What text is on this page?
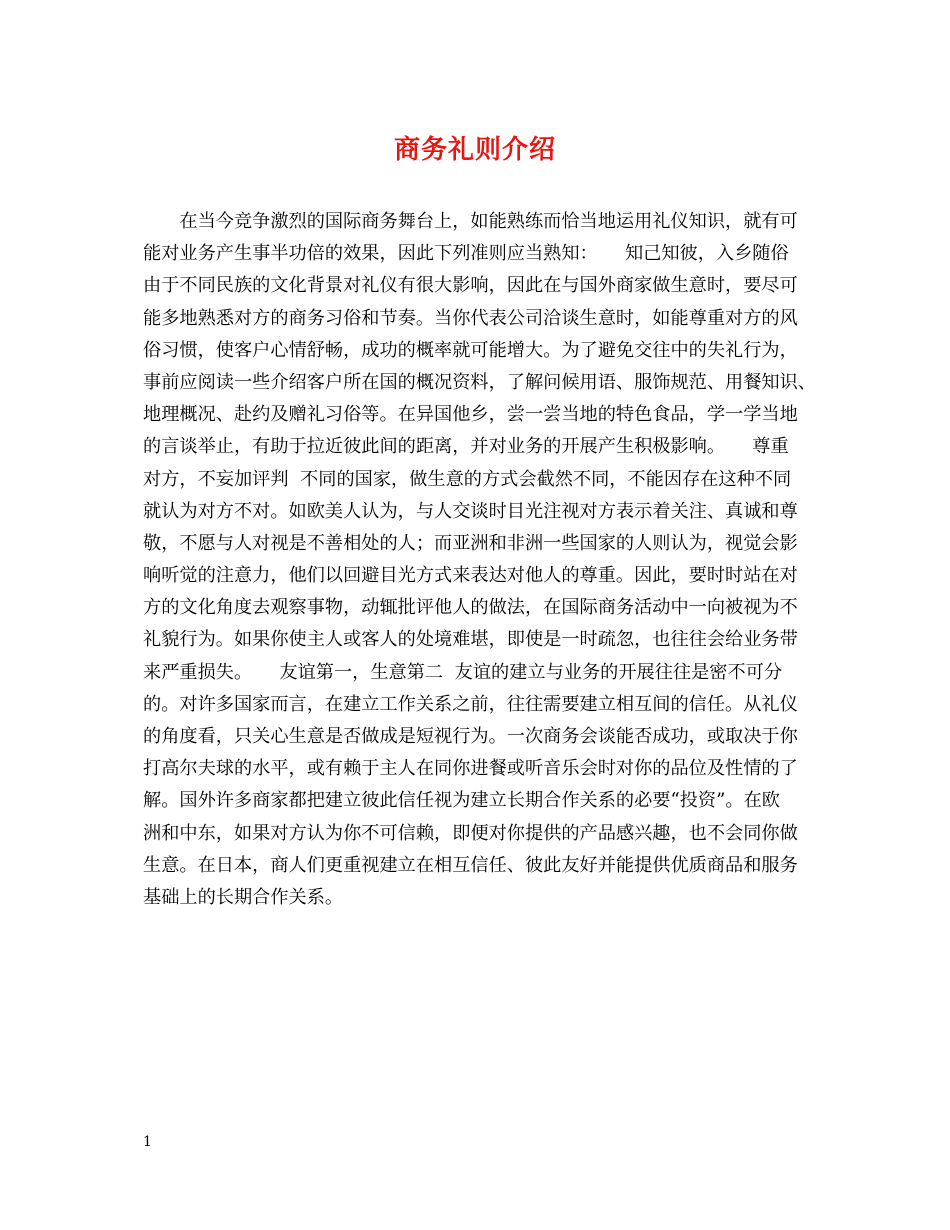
商务礼则介绍
　　在当今竞争激烈的国际商务舞台上，如能熟练而恰当地运用礼仪知识，就有可
能对业务产生事半功倍的效果，因此下列准则应当熟知：　　知己知彼，入乡随俗
由于不同民族的文化背景对礼仪有很大影响，因此在与国外商家做生意时，要尽可
能多地熟悉对方的商务习俗和节奏。当你代表公司洽谈生意时，如能尊重对方的风
俗习惯，使客户心情舒畅，成功的概率就可能增大。为了避免交往中的失礼行为，
事前应阅读一些介绍客户所在国的概况资料，了解问候用语、服饰规范、用餐知识、
地理概况、赴约及赠礼习俗等。在异国他乡，尝一尝当地的特色食品，学一学当地
的言谈举止，有助于拉近彼此间的距离，并对业务的开展产生积极影响。　　尊重
对方，不妄加评判  不同的国家，做生意的方式会截然不同，不能因存在这种不同
就认为对方不对。如欧美人认为，与人交谈时目光注视对方表示着关注、真诚和尊
敬，不愿与人对视是不善相处的人；而亚洲和非洲一些国家的人则认为，视觉会影
响听觉的注意力，他们以回避目光方式来表达对他人的尊重。因此，要时时站在对
方的文化角度去观察事物，动辄批评他人的做法，在国际商务活动中一向被视为不
礼貌行为。如果你使主人或客人的处境难堪，即使是一时疏忽，也往往会给业务带
来严重损失。　　友谊第一，生意第二  友谊的建立与业务的开展往往是密不可分
的。对许多国家而言，在建立工作关系之前，往往需要建立相互间的信任。从礼仪
的角度看，只关心生意是否做成是短视行为。一次商务会谈能否成功，或取决于你
打高尔夫球的水平，或有赖于主人在同你进餐或听音乐会时对你的品位及性情的了
解。国外许多商家都把建立彼此信任视为建立长期合作关系的必要“投资”。在欧
洲和中东，如果对方认为你不可信赖，即便对你提供的产品感兴趣，也不会同你做
生意。在日本，商人们更重视建立在相互信任、彼此友好并能提供优质商品和服务
基础上的长期合作关系。
1
